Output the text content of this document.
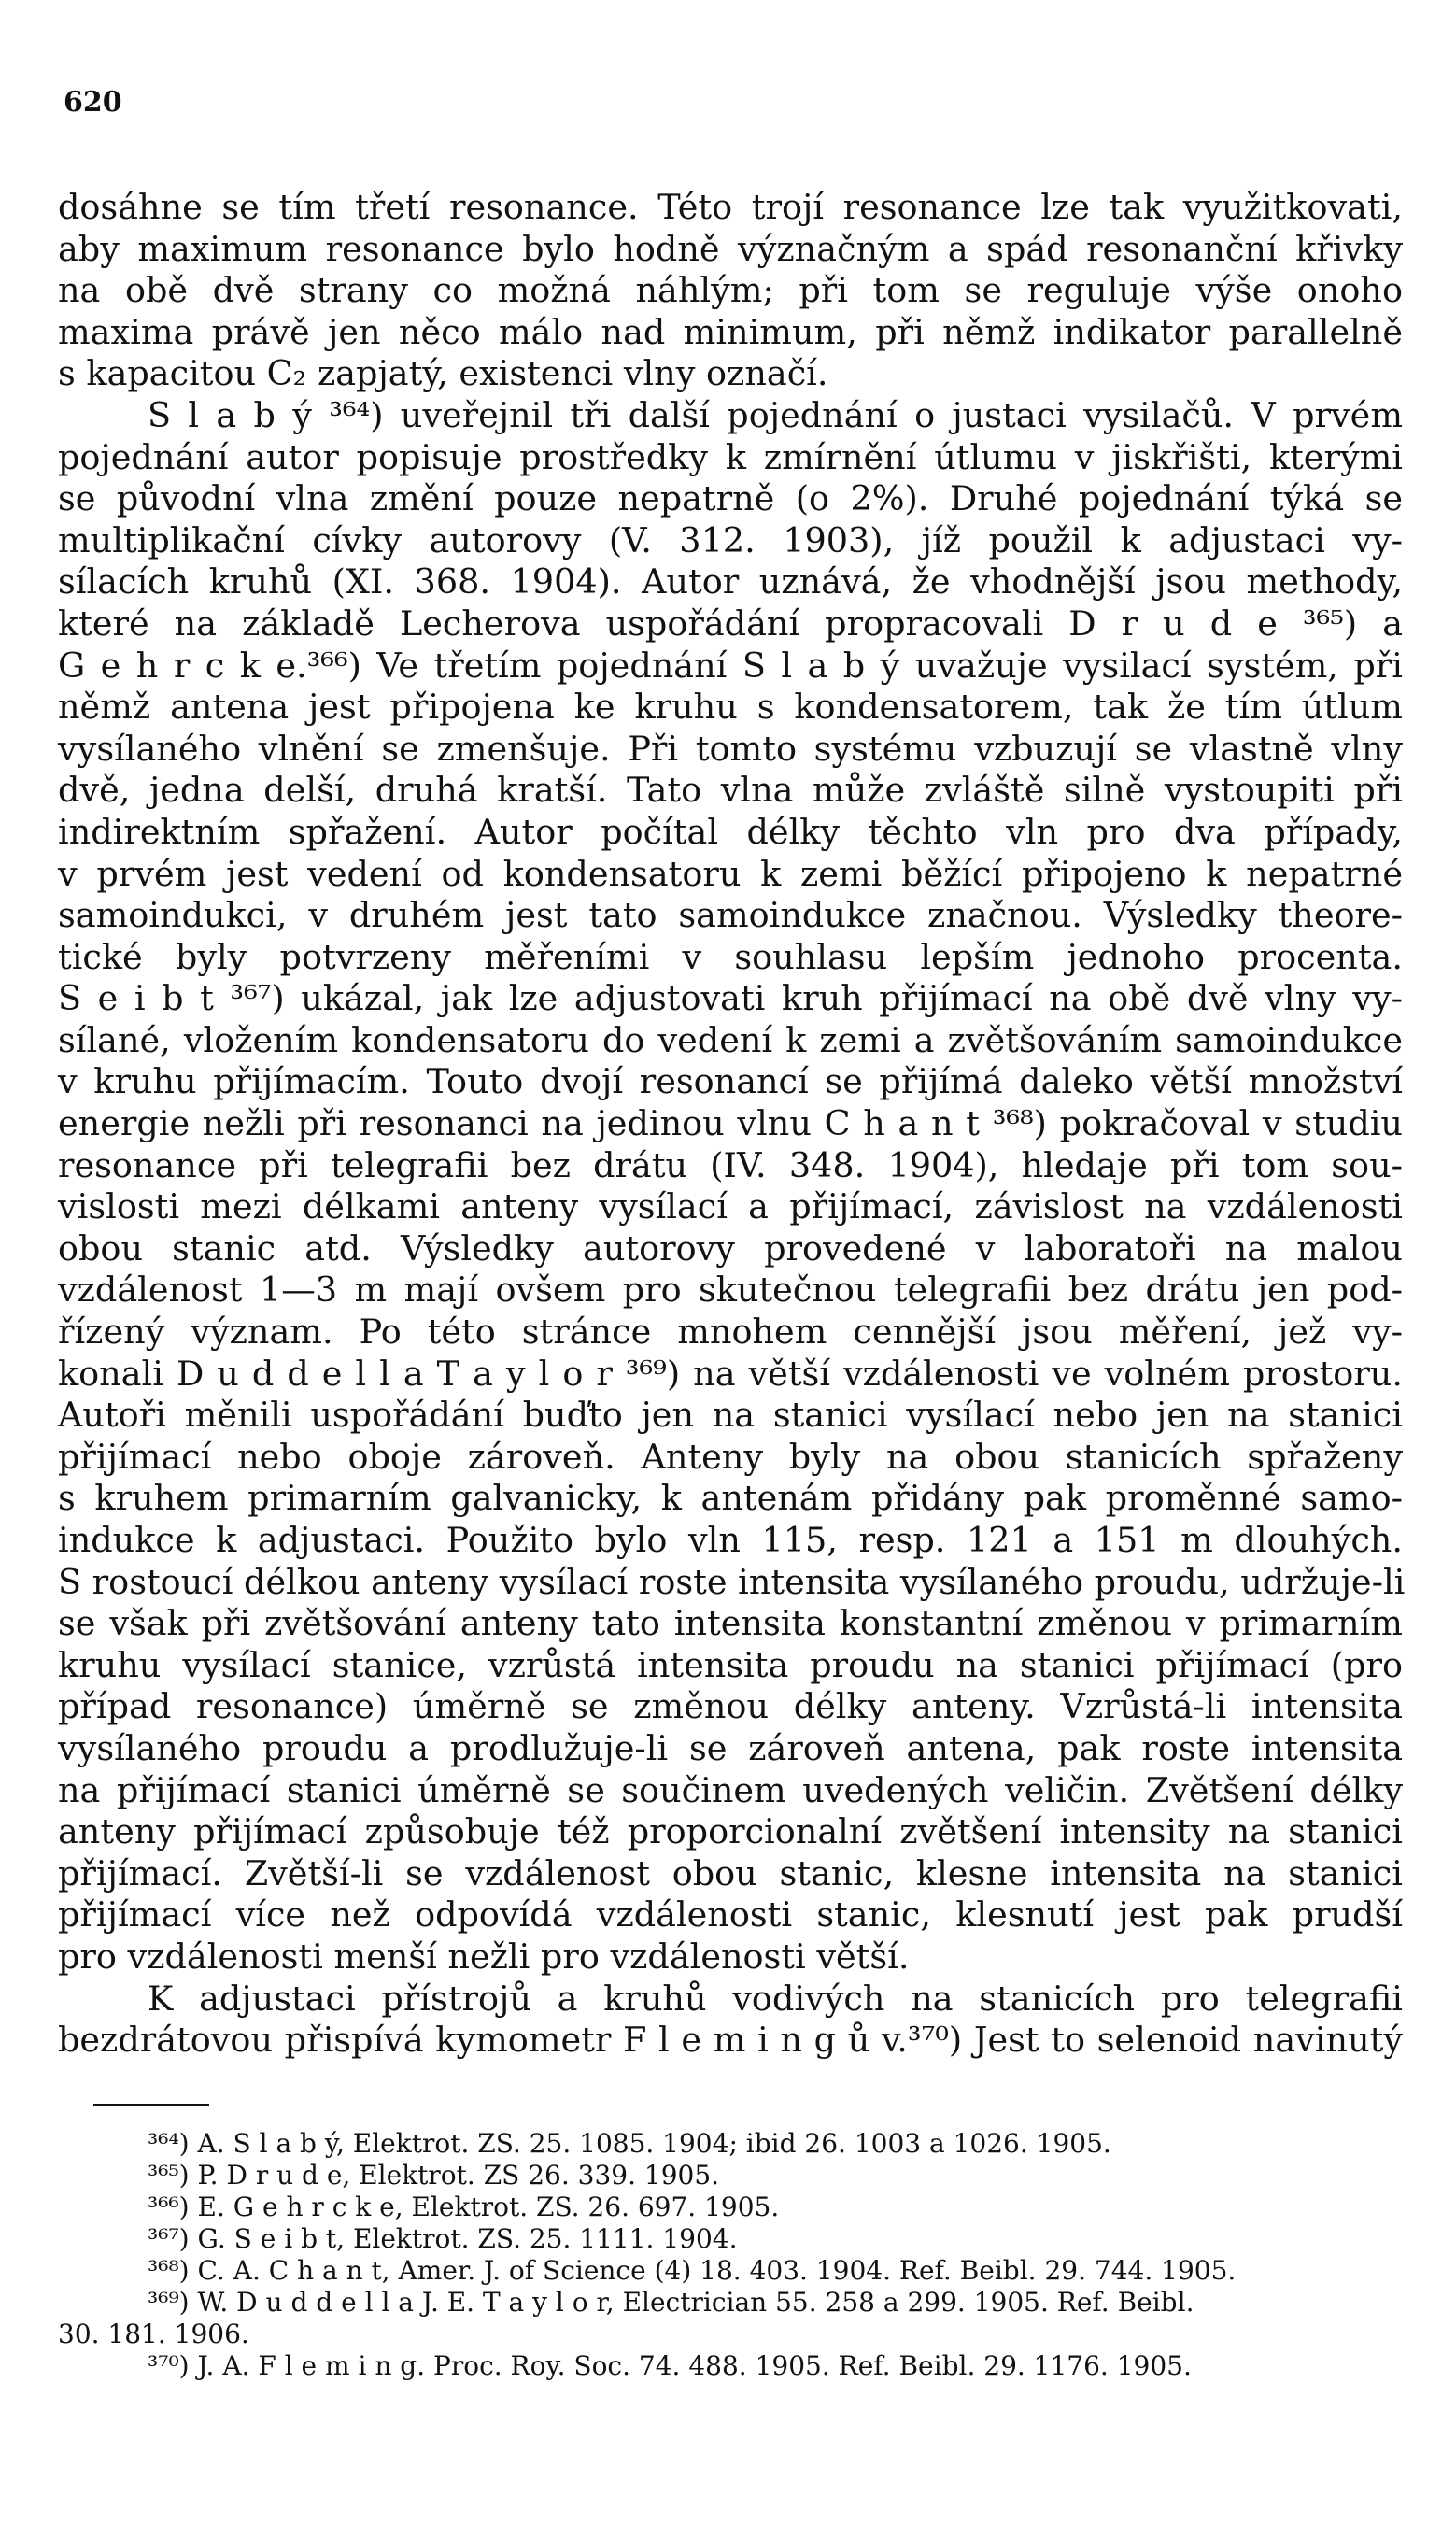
620
dosáhne se tím třetí resonance. Této trojí resonance lze tak využitkovati,
aby maximum resonance bylo hodně význačným a spád resonanční křivky
na obě dvě strany co možná náhlým; při tom se reguluje výše onoho
maxima právě jen něco málo nad minimum, při němž indikator parallelně
s kapacitou C₂ zapjatý, existenci vlny označí.
S l a b ý ³⁶⁴) uveřejnil tři další pojednání o justaci vysilačů. V prvém
pojednání autor popisuje prostředky k zmírnění útlumu v jiskřišti, kterými
se původní vlna změní pouze nepatrně (o 2%). Druhé pojednání týká se
multiplikační cívky autorovy (V. 312. 1903), jíž použil k adjustaci vy-
sílacích kruhů (XI. 368. 1904). Autor uznává, že vhodnější jsou methody,
které na základě Lecherova uspořádání propracovali D r u d e ³⁶⁵) a
G e h r c k e.³⁶⁶) Ve třetím pojednání S l a b ý uvažuje vysilací systém, při
němž antena jest připojena ke kruhu s kondensatorem, tak že tím útlum
vysílaného vlnění se zmenšuje. Při tomto systému vzbuzují se vlastně vlny
dvě, jedna delší, druhá kratší. Tato vlna může zvláště silně vystoupiti při
indirektním spřažení. Autor počítal délky těchto vln pro dva případy,
v prvém jest vedení od kondensatoru k zemi běžící připojeno k nepatrné
samoindukci, v druhém jest tato samoindukce značnou. Výsledky theore-
tické byly potvrzeny měřeními v souhlasu lepším jednoho procenta.
S e i b t ³⁶⁷) ukázal, jak lze adjustovati kruh přijímací na obě dvě vlny vy-
sílané, vložením kondensatoru do vedení k zemi a zvětšováním samoindukce
v kruhu přijímacím. Touto dvojí resonancí se přijímá daleko větší množství
energie nežli při resonanci na jedinou vlnu C h a n t ³⁶⁸) pokračoval v studiu
resonance při telegrafii bez drátu (IV. 348. 1904), hledaje při tom sou-
vislosti mezi délkami anteny vysílací a přijímací, závislost na vzdálenosti
obou stanic atd. Výsledky autorovy provedené v laboratoři na malou
vzdálenost 1—3 m mají ovšem pro skutečnou telegrafii bez drátu jen pod-
řízený význam. Po této stránce mnohem cennější jsou měření, jež vy-
konali D u d d e l l a T a y l o r ³⁶⁹) na větší vzdálenosti ve volném prostoru.
Autoři měnili uspořádání buďto jen na stanici vysílací nebo jen na stanici
přijímací nebo oboje zároveň. Anteny byly na obou stanicích spřaženy
s kruhem primarním galvanicky, k antenám přidány pak proměnné samo-
indukce k adjustaci. Použito bylo vln 115, resp. 121 a 151 m dlouhých.
S rostoucí délkou anteny vysílací roste intensita vysílaného proudu, udržuje-li
se však při zvětšování anteny tato intensita konstantní změnou v primarním
kruhu vysílací stanice, vzrůstá intensita proudu na stanici přijímací (pro
případ resonance) úměrně se změnou délky anteny. Vzrůstá-li intensita
vysílaného proudu a prodlužuje-li se zároveň antena, pak roste intensita
na přijímací stanici úměrně se součinem uvedených veličin. Zvětšení délky
anteny přijímací způsobuje též proporcionalní zvětšení intensity na stanici
přijímací. Zvětší-li se vzdálenost obou stanic, klesne intensita na stanici
přijímací více než odpovídá vzdálenosti stanic, klesnutí jest pak prudší
pro vzdálenosti menší nežli pro vzdálenosti větší.
K adjustaci přístrojů a kruhů vodivých na stanicích pro telegrafii
bezdrátovou přispívá kymometr F l e m i n g ů v.³⁷⁰) Jest to selenoid navinutý
³⁶⁴) A. S l a b ý, Elektrot. ZS. 25. 1085. 1904; ibid 26. 1003 a 1026. 1905.
³⁶⁵) P. D r u d e, Elektrot. ZS 26. 339. 1905.
³⁶⁶) E. G e h r c k e, Elektrot. ZS. 26. 697. 1905.
³⁶⁷) G. S e i b t, Elektrot. ZS. 25. 1111. 1904.
³⁶⁸) C. A. C h a n t, Amer. J. of Science (4) 18. 403. 1904. Ref. Beibl. 29. 744. 1905.
³⁶⁹) W. D u d d e l l a J. E. T a y l o r, Electrician 55. 258 a 299. 1905. Ref. Beibl.
30. 181. 1906.
³⁷⁰) J. A. F l e m i n g. Proc. Roy. Soc. 74. 488. 1905. Ref. Beibl. 29. 1176. 1905.
